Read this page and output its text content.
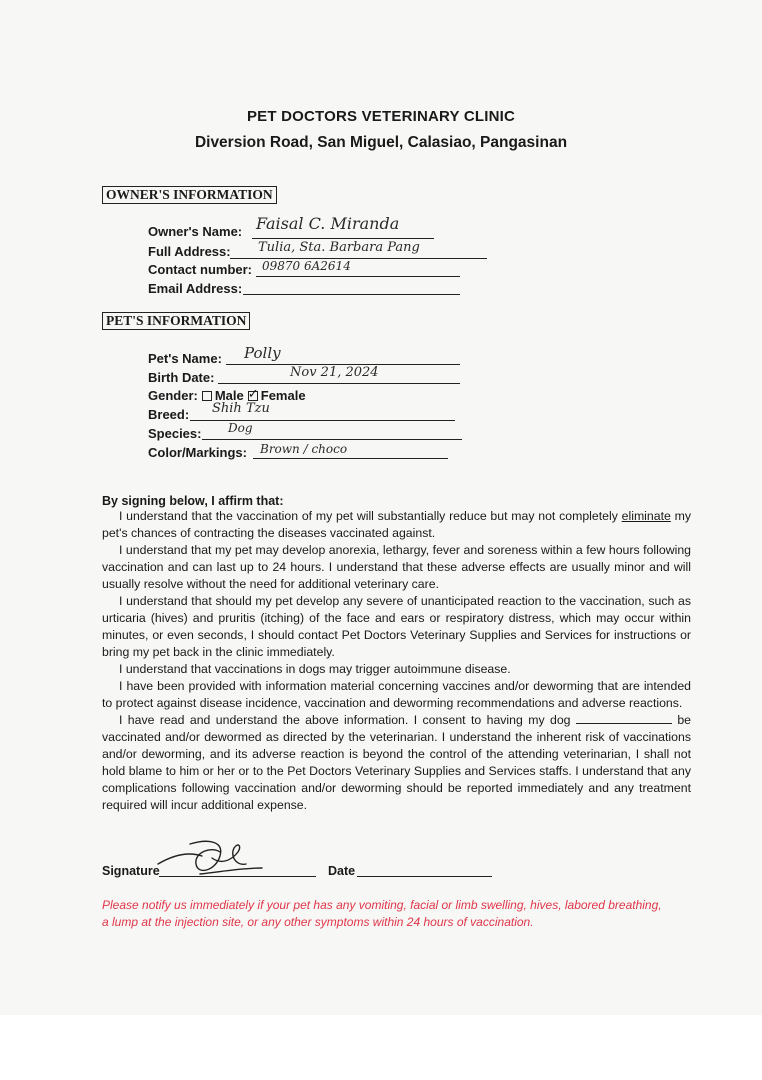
PET DOCTORS VETERINARY CLINIC
Diversion Road, San Miguel, Calasiao, Pangasinan
OWNER'S INFORMATION
Owner's Name: Faisal C. Miranda
Full Address: Tulia, Sta. Barbara Pang
Contact number: 09870 6A2614
Email Address:
PET'S INFORMATION
Pet's Name: Polly
Birth Date:	Nov 21, 2024
Gender: Male ✓ Female
Breed: Shih Tzu
Species: Dog
Color/Markings: Brown / choco
By signing below, I affirm that:

I understand that the vaccination of my pet will substantially reduce but may not completely eliminate my pet's chances of contracting the diseases vaccinated against.

I understand that my pet may develop anorexia, lethargy, fever and soreness within a few hours following vaccination and can last up to 24 hours. I understand that these adverse effects are usually minor and will usually resolve without the need for additional veterinary care.

I understand that should my pet develop any severe of unanticipated reaction to the vaccination, such as urticaria (hives) and pruritis (itching) of the face and ears or respiratory distress, which may occur within minutes, or even seconds, I should contact Pet Doctors Veterinary Supplies and Services for instructions or bring my pet back in the clinic immediately.

I understand that vaccinations in dogs may trigger autoimmune disease.

I have been provided with information material concerning vaccines and/or deworming that are intended to protect against disease incidence, vaccination and deworming recommendations and adverse reactions.

I have read and understand the above information. I consent to having my dog	be vaccinated and/or dewormed as directed by the veterinarian. I understand the inherent risk of vaccinations and/or deworming, and its adverse reaction is beyond the control of the attending veterinarian, I shall not hold blame to him or her or to the Pet Doctors Veterinary Supplies and Services staffs. I understand that any complications following vaccination and/or deworming should be reported immediately and any treatment required will incur additional expense.

Signature	Date
Please notify us immediately if your pet has any vomiting, facial or limb swelling, hives, labored breathing, a lump at the injection site, or any other symptoms within 24 hours of vaccination.
